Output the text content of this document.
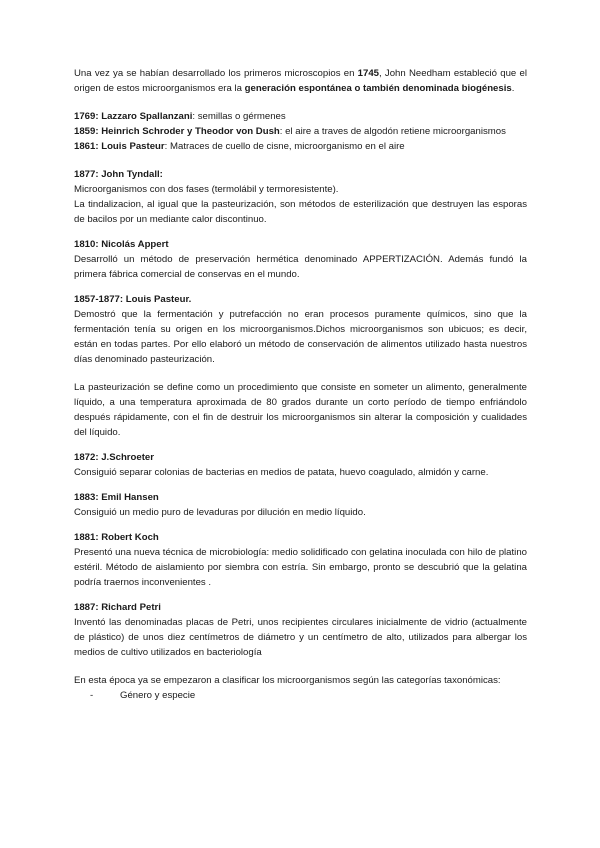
Una vez ya se habían desarrollado los primeros microscopios en 1745, John Needham estableció que el origen de estos microorganismos era la generación espontánea o también denominada biogénesis.

1769: Lazzaro Spallanzani: semillas o gérmenes

1859: Heinrich Schroder y Theodor von Dush: el aire a traves de algodón retiene microorganismos

1861: Louis Pasteur: Matraces de cuello de cisne, microorganismo en el aire

1877: John Tyndall:

Microorganismos con dos fases (termolábil y termoresistente).

La tindalizacion, al igual que la pasteurización, son métodos de esterilización que destruyen las esporas de bacilos por un mediante calor discontinuo.

1810: Nicolás Appert

Desarrolló un método de preservación hermética denominado APPERTIZACIÓN. Además fundó la primera fábrica comercial de conservas en el mundo.

1857-1877: Louis Pasteur.

Demostró que la fermentación y putrefacción no eran procesos puramente químicos, sino que la fermentación tenía su origen en los microorganismos.Dichos microorganismos son ubicuos; es decir, están en todas partes. Por ello elaboró un método de conservación de alimentos utilizado hasta nuestros días denominado pasteurización.

La pasteurización se define como un procedimiento que consiste en someter un alimento, generalmente líquido, a una temperatura aproximada de 80 grados durante un corto período de tiempo enfriándolo después rápidamente, con el fin de destruir los microorganismos sin alterar la composición y cualidades del líquido.

1872: J.Schroeter

Consiguió separar colonias de bacterias en medios de patata, huevo coagulado, almidón y carne.

1883: Emil Hansen

Consiguió un medio puro de levaduras por dilución en medio líquido.

1881: Robert Koch

Presentó una nueva técnica de microbiología: medio solidificado con gelatina inoculada con hilo de platino estéril. Método de aislamiento por siembra con estría. Sin embargo, pronto se descubrió que la gelatina podría traernos inconvenientes .

1887: Richard Petri

Inventó las denominadas placas de Petri, unos recipientes circulares inicialmente de vidrio (actualmente de plástico) de unos diez centímetros de diámetro y un centímetro de alto, utilizados para albergar los medios de cultivo utilizados en bacteriología

En esta época ya se empezaron a clasificar los microorganismos según las categorías taxonómicas:

-	Género y especie
